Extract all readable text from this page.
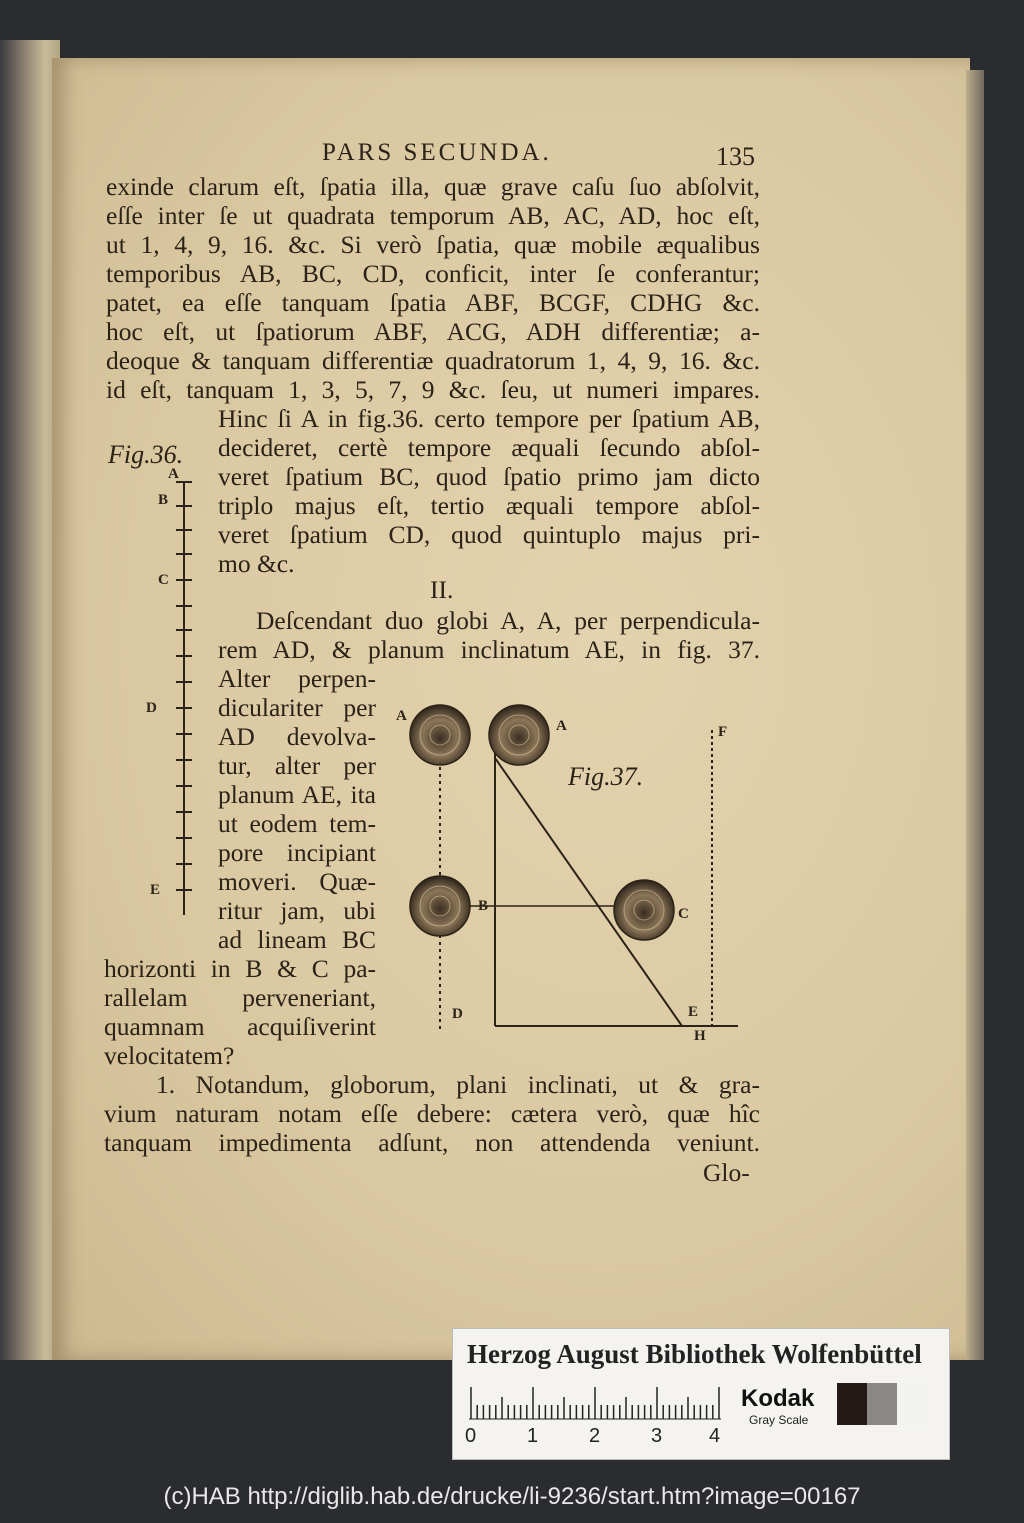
PARS SECUNDA.	135
exinde clarum eſt, ſpatia illa, quæ grave caſu ſuo abſolvit,
eſſe inter ſe ut quadrata temporum AB, AC, AD, hoc eſt,
ut 1, 4, 9, 16. &c. Si verò ſpatia, quæ mobile æqualibus
temporibus AB, BC, CD, conficit, inter ſe conferantur;
patet, ea eſſe tanquam ſpatia ABF, BCGF, CDHG &c.
hoc eſt, ut ſpatiorum ABF, ACG, ADH differentiæ; a-
deoque & tanquam differentiæ quadratorum 1, 4, 9, 16. &c.
id eſt, tanquam 1, 3, 5, 7, 9 &c. ſeu, ut numeri impares.
Hinc ſi A in fig.36. certo tempore per ſpatium AB,
decideret, certè tempore æquali ſecundo abſol-
veret ſpatium BC, quod ſpatio primo jam dicto
triplo majus eſt, tertio æquali tempore abſol-
veret ſpatium CD, quod quintuplo majus pri-
mo &c.
II.
Deſcendant duo globi A, A, per perpendicula-
rem AD, & planum inclinatum AE, in fig. 37.
Alter perpen-
diculariter per
AD devolva-
tur, alter per
planum AE, ita
ut eodem tem-
pore incipiant
moveri. Quæ-
ritur jam, ubi
ad lineam BC
horizonti in B & C pa-
rallelam perveneriant,
quamnam acquiſiverint
velocitatem?
1. Notandum, globorum, plani inclinati, ut & gra-
vium naturam notam eſſe debere: cætera verò, quæ hîc
tanquam impedimenta adſunt, non attendenda veniunt.
Glo-
Fig.36.
A
B
C
D
E
Fig.37.
A
A	F
B	C
D	E
H
Herzog August Bibliothek Wolfenbüttel
0	1	2	3 4
Kodak
Gray Scale
(c)HAB http://diglib.hab.de/drucke/li-9236/start.htm?image=00167
